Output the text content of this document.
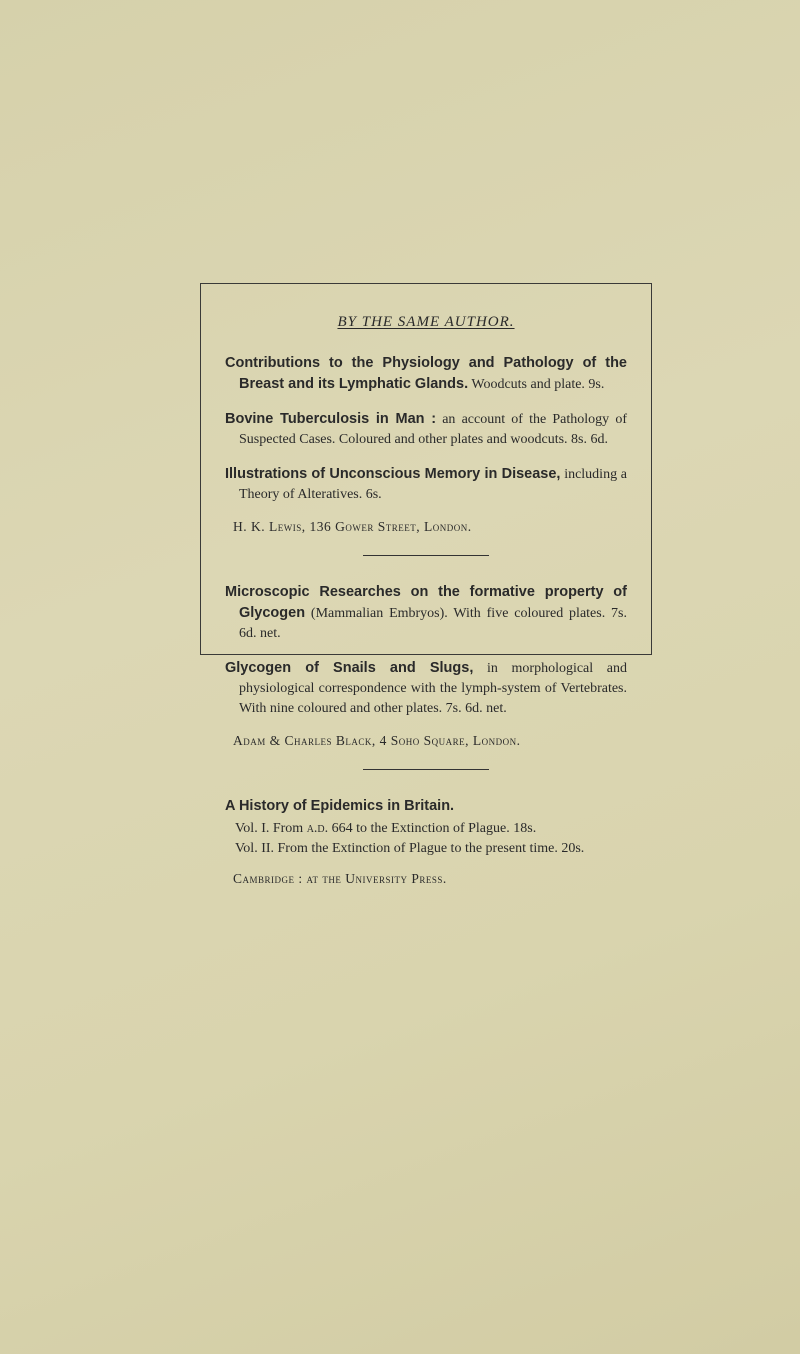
BY THE SAME AUTHOR.

Contributions to the Physiology and Pathology of the Breast and its Lymphatic Glands. Woodcuts and plate. 9s.

Bovine Tuberculosis in Man : an account of the Pathology of Suspected Cases. Coloured and other plates and woodcuts. 8s. 6d.

Illustrations of Unconscious Memory in Disease, including a Theory of Alteratives. 6s.

H. K. Lewis, 136 Gower Street, London.

Microscopic Researches on the formative property of Glycogen (Mammalian Embryos). With five coloured plates. 7s. 6d. net.

Glycogen of Snails and Slugs, in morphological and physiological correspondence with the lymph-system of Vertebrates. With nine coloured and other plates. 7s. 6d. net.

Adam & Charles Black, 4 Soho Square, London.

A History of Epidemics in Britain.

Vol. I. From a.d. 664 to the Extinction of Plague. 18s.

Vol. II. From the Extinction of Plague to the present time. 20s.

Cambridge : at the University Press.
